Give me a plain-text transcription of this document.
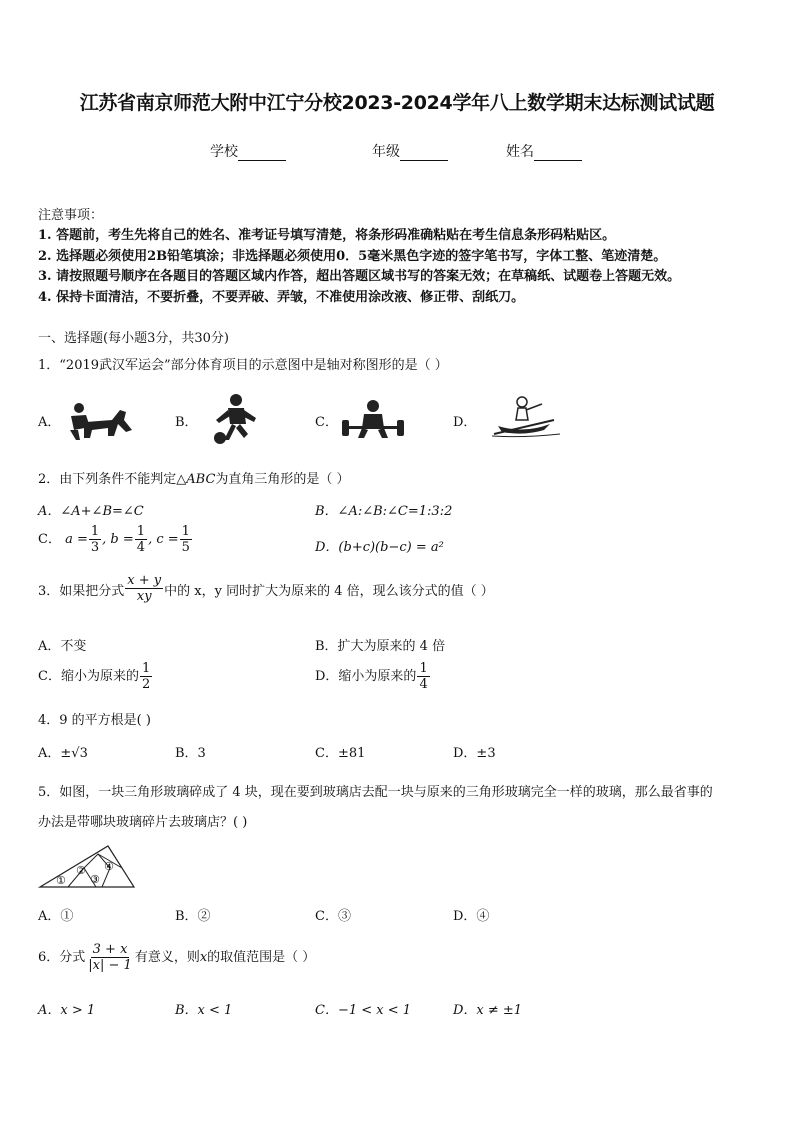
江苏省南京师范大附中江宁分校2023-2024学年八上数学期末达标测试试题
学校	年级	姓名
注意事项：
1. 答题前，考生先将自己的姓名、准考证号填写清楚，将条形码准确粘贴在考生信息条形码粘贴区。
2. 选择题必须使用2B铅笔填涂；非选择题必须使用0．5毫米黑色字迹的签字笔书写，字体工整、笔迹清楚。
3. 请按照题号顺序在各题目的答题区域内作答，超出答题区域书写的答案无效；在草稿纸、试题卷上答题无效。
4. 保持卡面清洁，不要折叠，不要弄破、弄皱，不准使用涂改液、修正带、刮纸刀。
一、选择题(每小题3分，共30分)
1．“2019武汉军运会”部分体育项目的示意图中是轴对称图形的是（ ）
A．	B．	C．	D．
2．由下列条件不能判定△ABC为直角三角形的是（ ）
A．∠A+∠B=∠C	B．∠A:∠B:∠C=1:3:2
C． $a = \frac{1}{3}$ , $b = \frac{1}{4}$ , $c = \frac{1}{5}$	D．(b+c)(b−c) = a²
3．如果把分式 $\frac{x + y}{xy}$ 中的 x，y 同时扩大为原来的 4 倍，现么该分式的值（ ）
A．不变	B．扩大为原来的 4 倍
C．缩小为原来的 $\frac{1}{2}$	D．缩小为原来的 $\frac{1}{4}$
4．9 的平方根是( )
A．±√3	B．3	C．±81	D．±3
5．如图，一块三角形玻璃碎成了 4 块，现在要到玻璃店去配一块与原来的三角形玻璃完全一样的玻璃，那么最省事的
办法是带哪块玻璃碎片去玻璃店？( )
①
②
③
④
A．①	B．②	C．③	D．④
6．分式 $\frac{3 + x}{|x| - 1}$ 有意义，则x的取值范围是（ ）
A．x > 1	B．x < 1	C．−1 < x < 1	D．x ≠ ±1
